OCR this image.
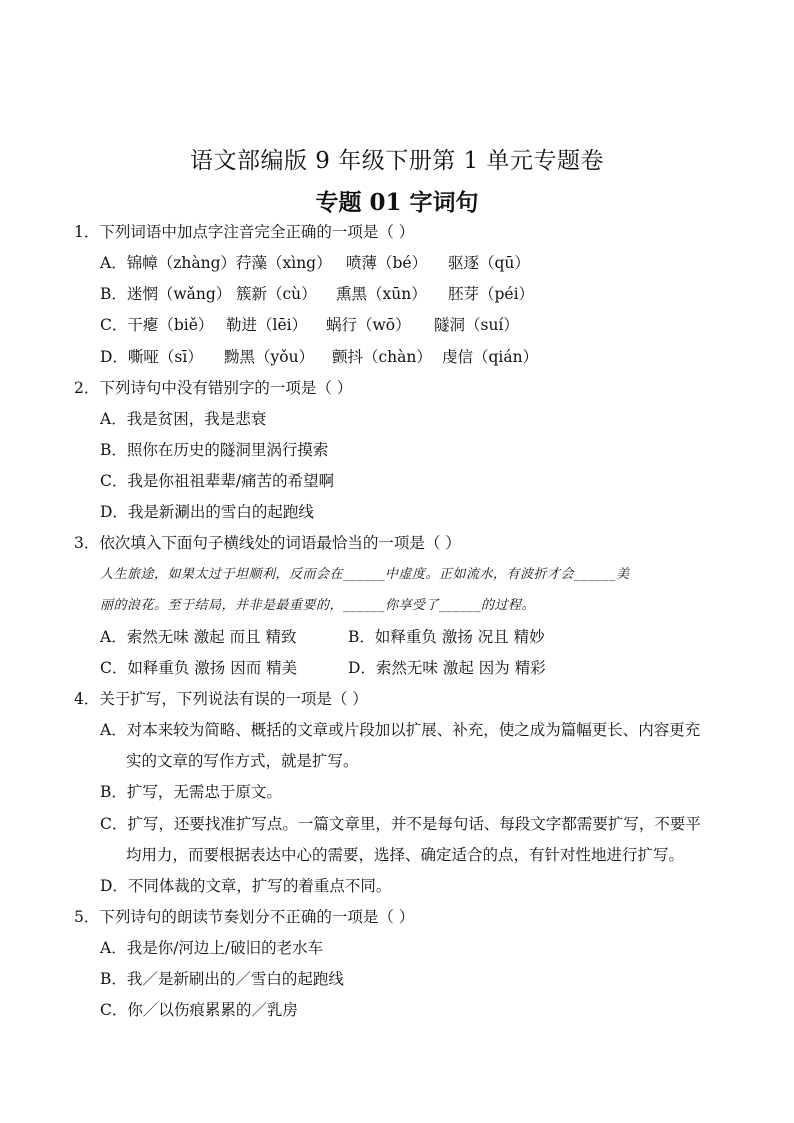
语文部编版 9 年级下册第 1 单元专题卷
专题 01 字词句
1．下列词语中加点字注音完全正确的一项是（ ）
A．锦幛（zhàng）荇藻（xìng） 喷薄（bé） 驱逐（qū）
B．迷惘（wǎng） 簇新（cù） 熏黑（xūn） 胚芽（péi）
C．干瘪（biě） 勒进（lēi） 蜗行（wō） 隧洞（suí）
D．嘶哑（sī） 黝黑（yǒu） 颤抖（chàn） 虔信（qián）
2．下列诗句中没有错别字的一项是（ ）
A．我是贫困，我是悲衰
B．照你在历史的隧洞里涡行摸索
C．我是你祖祖辈辈/痛苦的希望啊
D．我是新涮出的雪白的起跑线
3．依次填入下面句子横线处的词语最恰当的一项是（ ）
人生旅途，如果太过于坦顺利，反而会在______中虚度。正如流水，有波折才会______美
丽的浪花。至于结局，并非是最重要的，______你享受了______的过程。
A．索然无味 激起 而且 精致	B．如释重负 激扬 况且 精妙
C．如释重负 激扬 因而 精美	D．索然无味 激起 因为 精彩
4．关于扩写，下列说法有误的一项是（ ）
A．对本来较为简略、概括的文章或片段加以扩展、补充，使之成为篇幅更长、内容更充
实的文章的写作方式，就是扩写。
B．扩写，无需忠于原文。
C．扩写，还要找准扩写点。一篇文章里，并不是每句话、每段文字都需要扩写，不要平
均用力，而要根据表达中心的需要，选择、确定适合的点，有针对性地进行扩写。
D．不同体裁的文章，扩写的着重点不同。
5．下列诗句的朗读节奏划分不正确的一项是（ ）
A．我是你/河边上/破旧的老水车
B．我／是新刷出的／雪白的起跑线
C．你／以伤痕累累的／乳房
